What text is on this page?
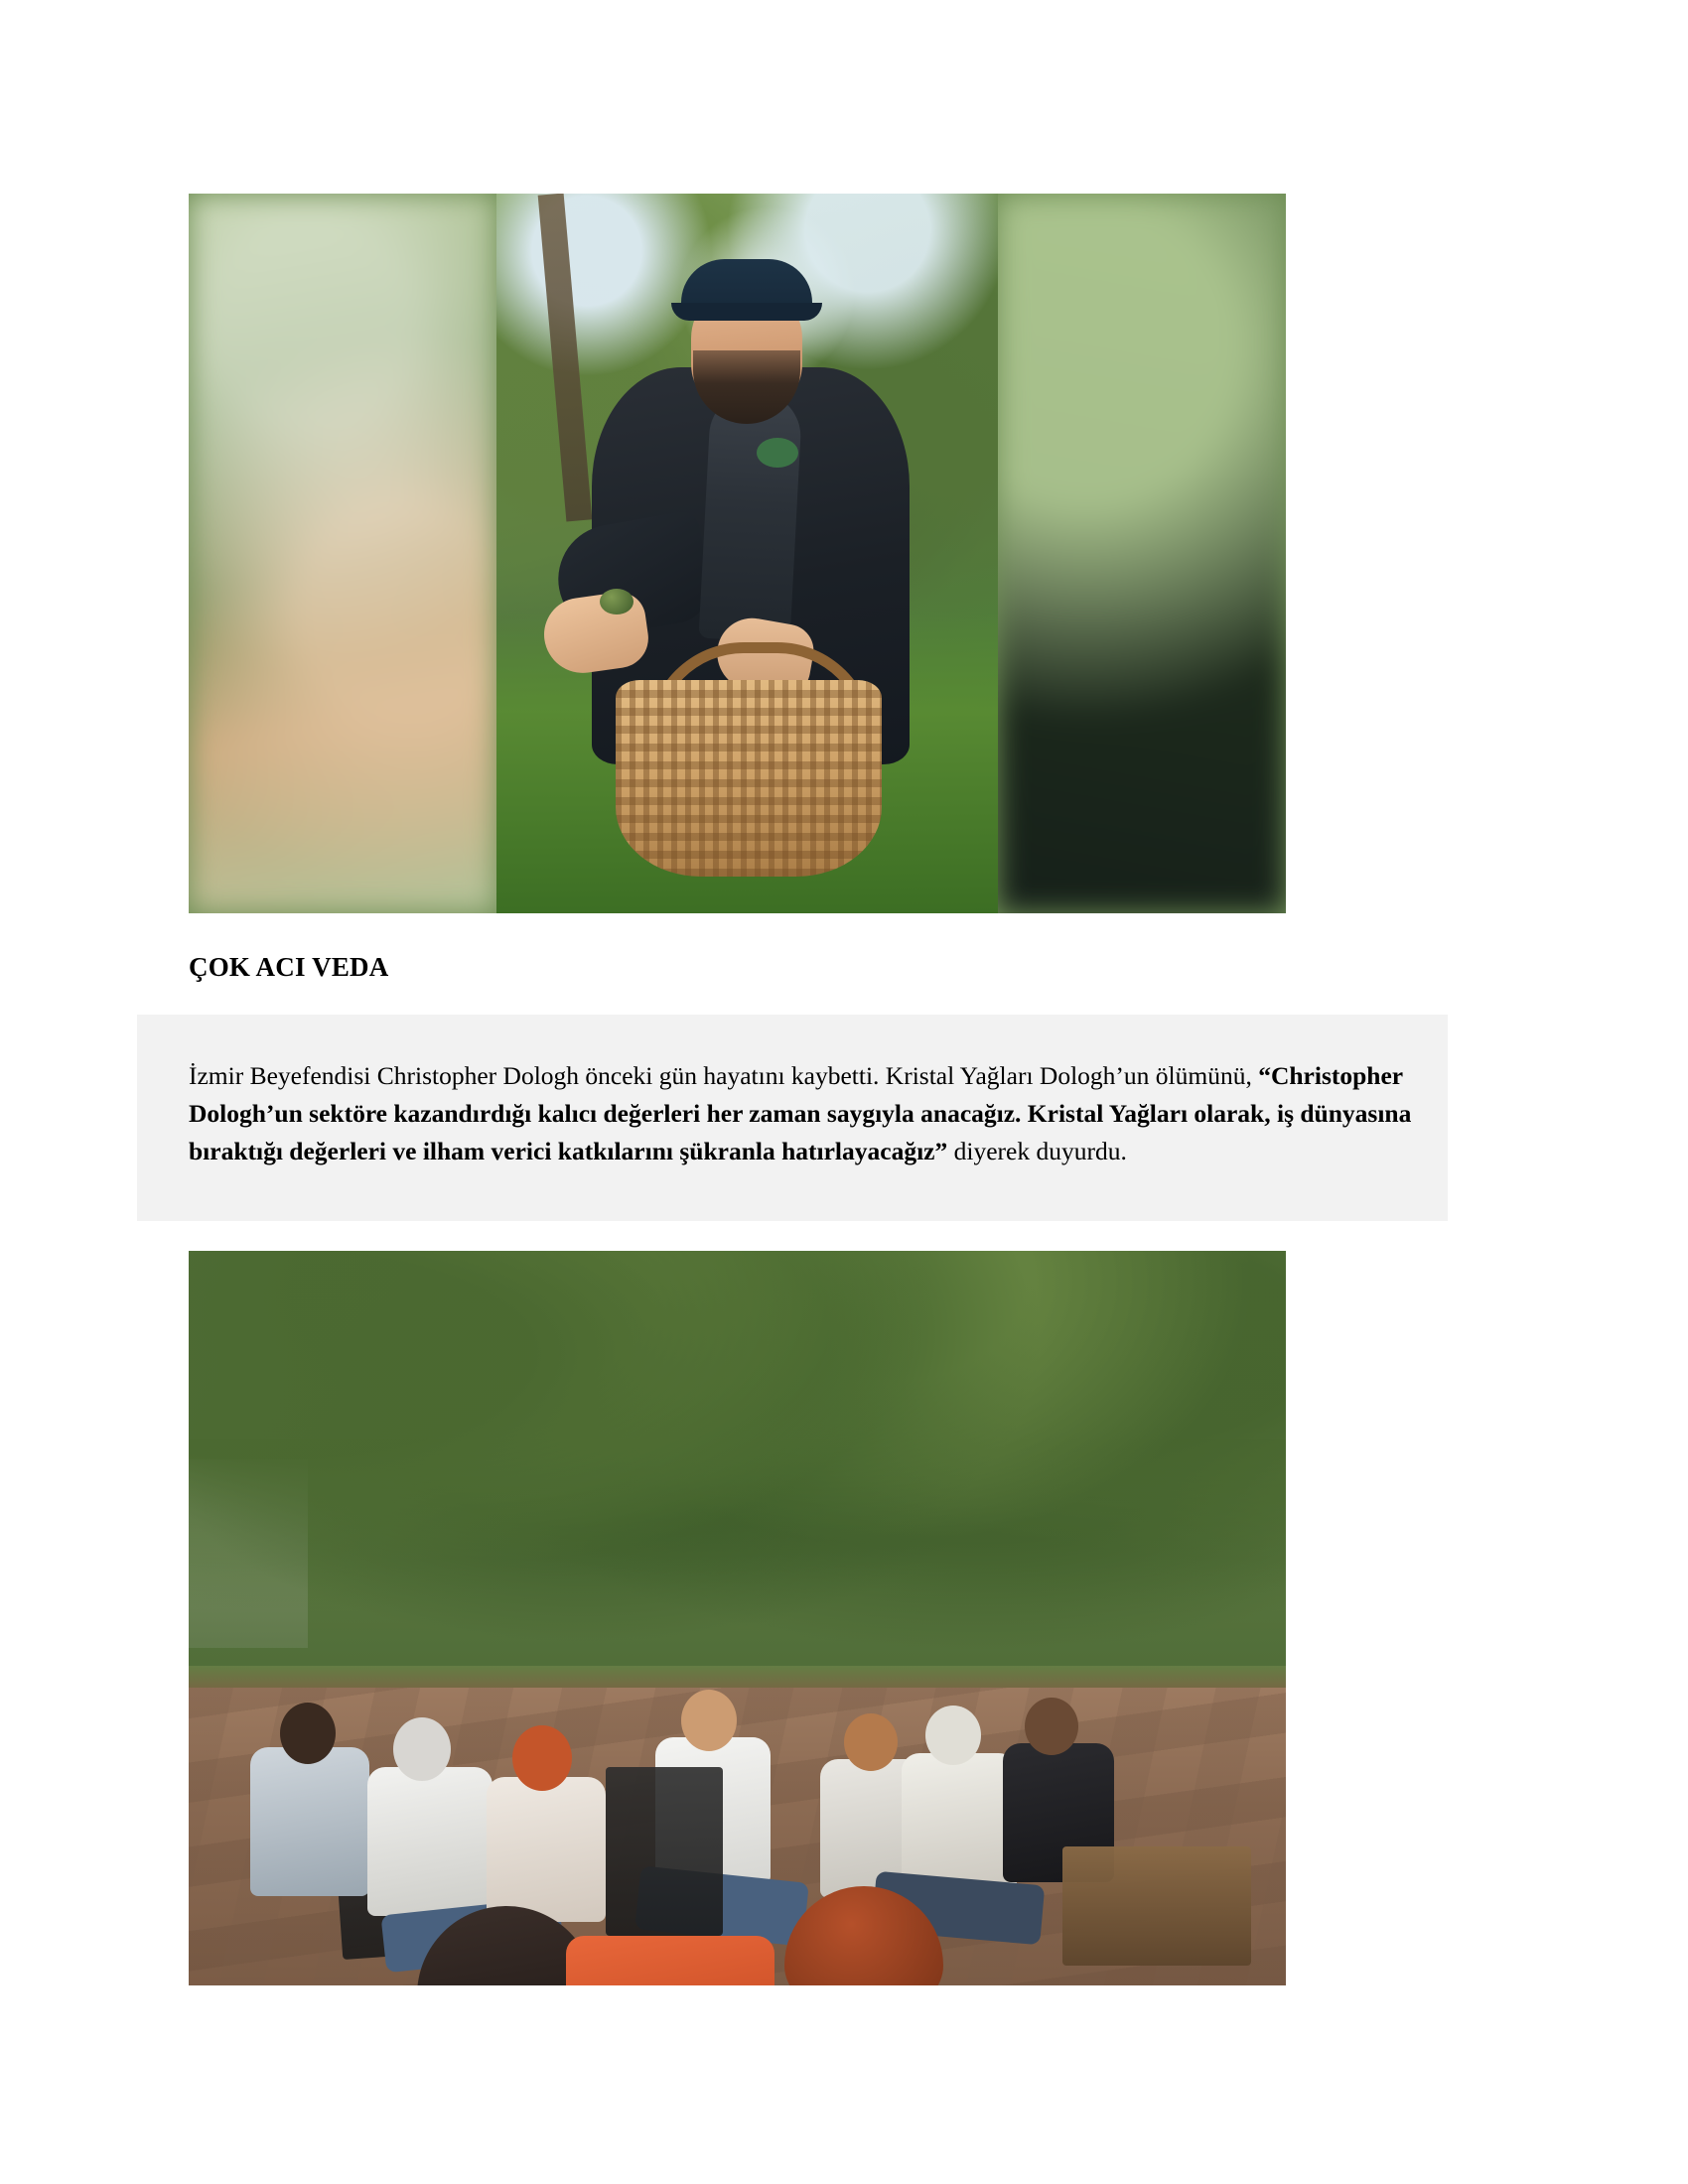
ÇOK ACI VEDA

İzmir Beyefendisi Christopher Dologh önceki gün hayatını kaybetti. Kristal Yağları Dologh’un ölümünü, “Christopher Dologh’un sektöre kazandırdığı kalıcı değerleri her zaman saygıyla anacağız. Kristal Yağları olarak, iş dünyasına bıraktığı değerleri ve ilham verici katkılarını şükranla hatırlayacağız” diyerek duyurdu.
